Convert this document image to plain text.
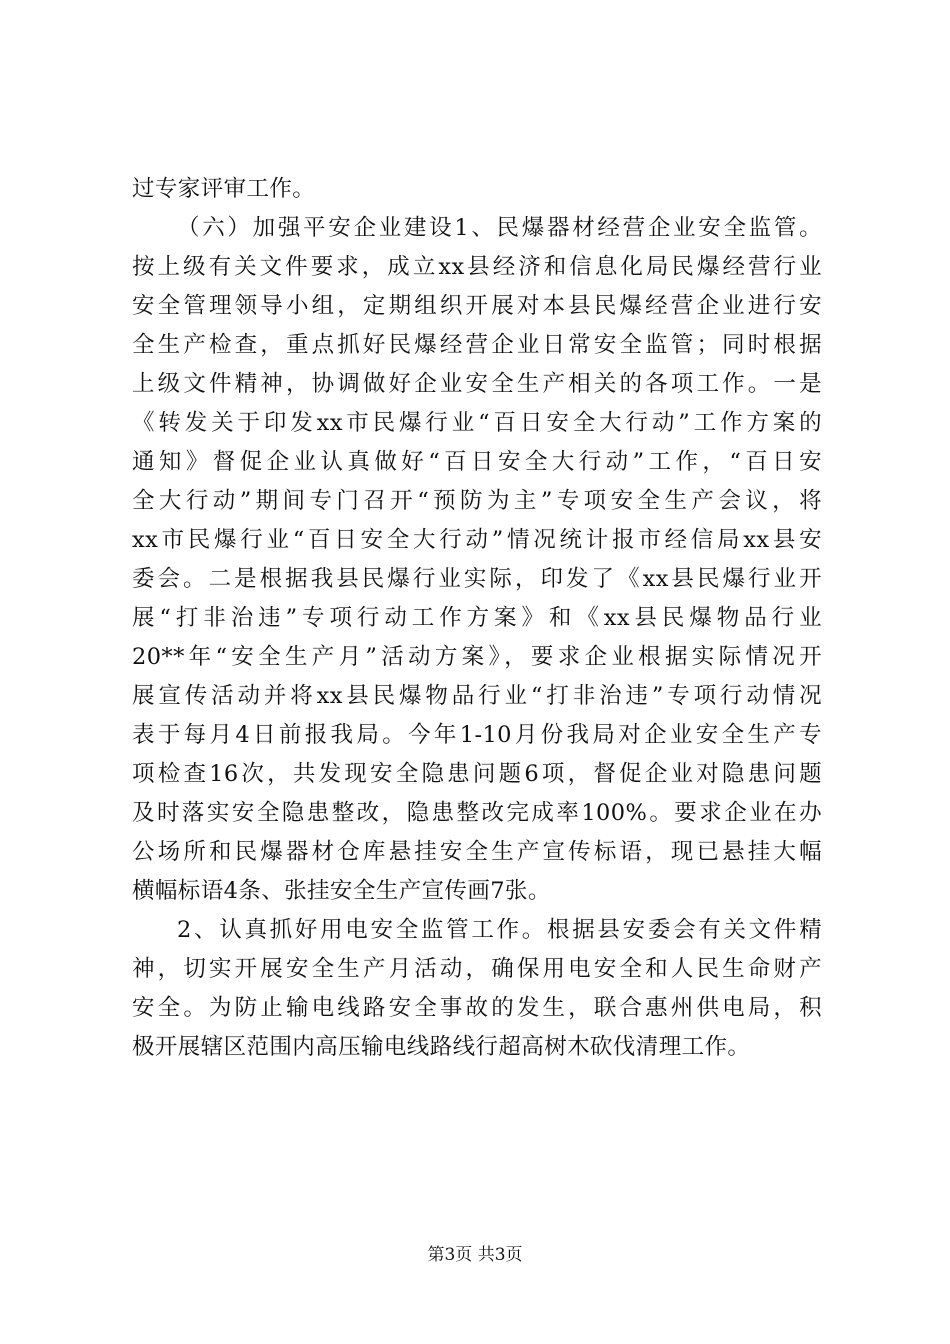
过专家评审工作。
（六）加强平安企业建设1、民爆器材经营企业安全监管。
按上级有关文件要求，成立xx县经济和信息化局民爆经营行业
安全管理领导小组，定期组织开展对本县民爆经营企业进行安
全生产检查，重点抓好民爆经营企业日常安全监管；同时根据
上级文件精神，协调做好企业安全生产相关的各项工作。一是
《转发关于印发xx市民爆行业“百日安全大行动”工作方案的
通知》督促企业认真做好“百日安全大行动”工作，“百日安
全大行动”期间专门召开“预防为主”专项安全生产会议，将
xx市民爆行业“百日安全大行动”情况统计报市经信局xx县安
委会。二是根据我县民爆行业实际，印发了《xx县民爆行业开
展“打非治违”专项行动工作方案》和《xx县民爆物品行业
20**年“安全生产月”活动方案》，要求企业根据实际情况开
展宣传活动并将xx县民爆物品行业“打非治违”专项行动情况
表于每月4日前报我局。今年1-10月份我局对企业安全生产专
项检查16次，共发现安全隐患问题6项，督促企业对隐患问题
及时落实安全隐患整改，隐患整改完成率100%。要求企业在办
公场所和民爆器材仓库悬挂安全生产宣传标语，现已悬挂大幅
横幅标语4条、张挂安全生产宣传画7张。
2、认真抓好用电安全监管工作。根据县安委会有关文件精
神，切实开展安全生产月活动，确保用电安全和人民生命财产
安全。为防止输电线路安全事故的发生，联合惠州供电局，积
极开展辖区范围内高压输电线路线行超高树木砍伐清理工作。
第3页 共3页
